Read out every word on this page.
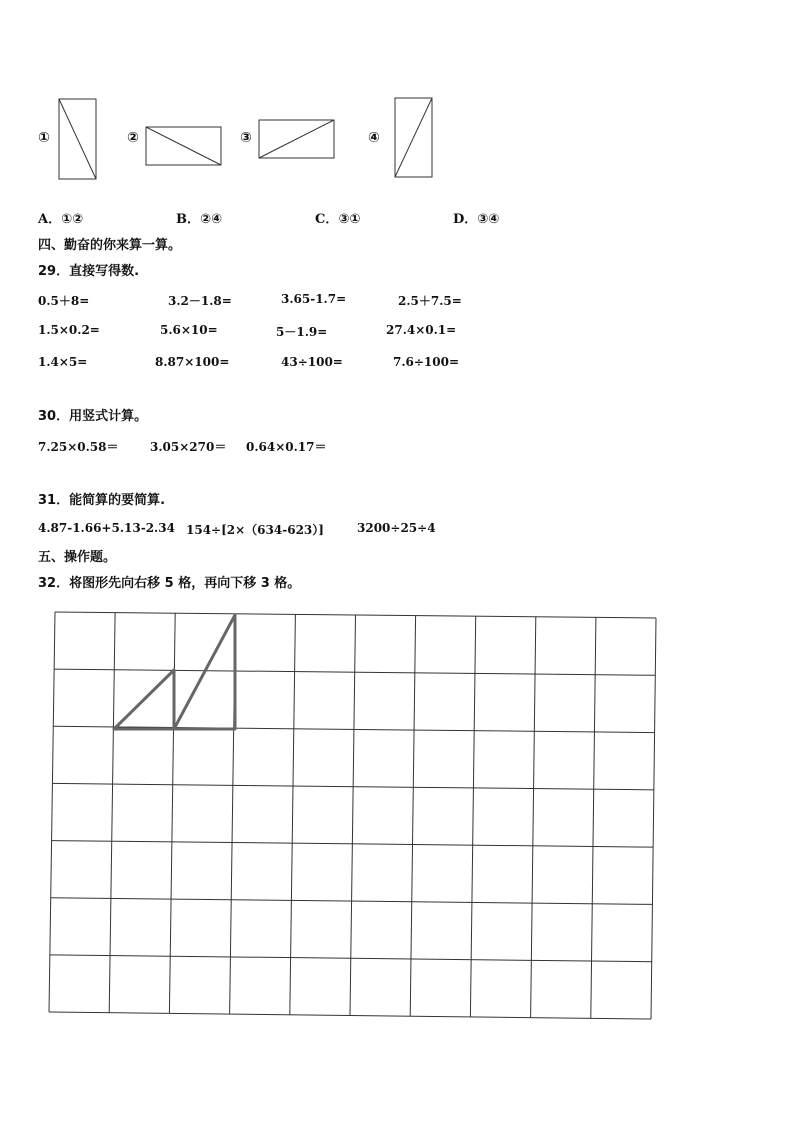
①	②	③	④
A．①②	B．②④	C．③①	D．③④
四、勤奋的你来算一算。
29．直接写得数.
0.5＋8=	3.2－1.8=	3.65-1.7=	2.5＋7.5=
1.5×0.2=	5.6×10=	5－1.9=	27.4×0.1=
1.4×5=	8.87×100=	43÷100=	7.6÷100=
30．用竖式计算。
7.25×0.58＝	3.05×270＝ 0.64×0.17＝
31．能简算的要简算.
4.87-1.66+5.13-2.34 154÷[2×（634-623）]	3200÷25÷4
五、操作题。
32．将图形先向右移 5 格，再向下移 3 格。
